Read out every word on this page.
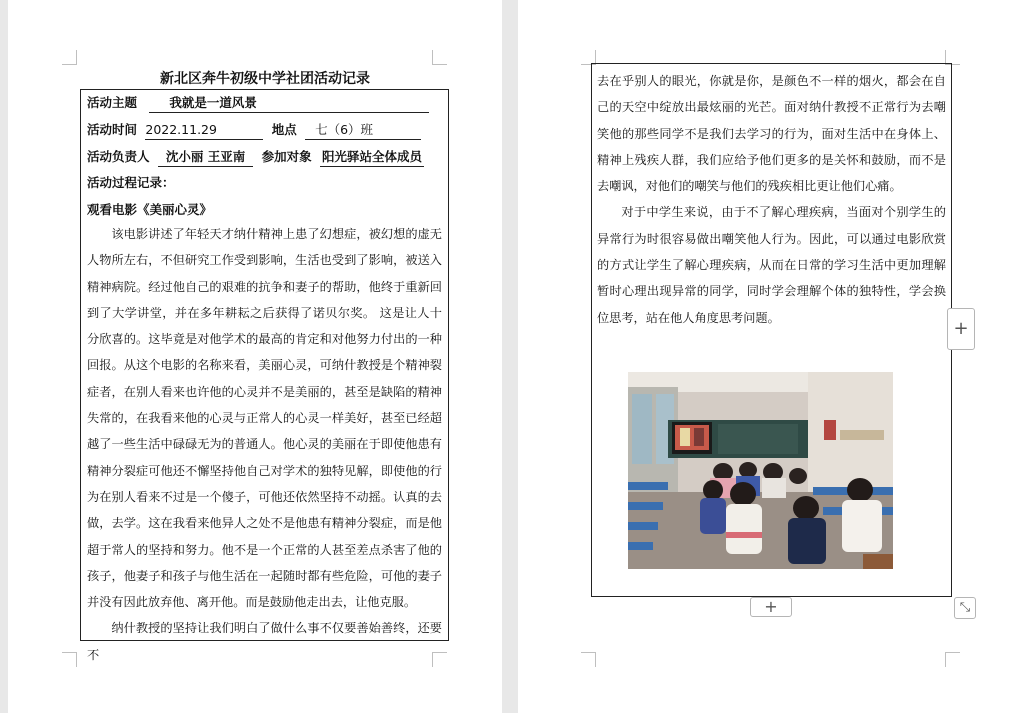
新北区奔牛初级中学社团活动记录
活动主题	我就是一道风景
活动时间 2022.11.29	地点 七（6）班
活动负责人 沈小丽 王亚南 参加对象 阳光驿站全体成员
活动过程记录：
观看电影《美丽心灵》

该电影讲述了年轻天才纳什精神上患了幻想症，被幻想的虚无人物所左右，不但研究工作受到影响，生活也受到了影响，被送入精神病院。经过他自己的艰难的抗争和妻子的帮助，他终于重新回到了大学讲堂，并在多年耕耘之后获得了诺贝尔奖。 这是让人十分欣喜的。这毕竟是对他学术的最高的肯定和对他努力付出的一种回报。从这个电影的名称来看，美丽心灵，可纳什教授是个精神裂症者，在别人看来也许他的心灵并不是美丽的，甚至是缺陷的精神失常的，在我看来他的心灵与正常人的心灵一样美好，甚至已经超越了一些生活中碌碌无为的普通人。他心灵的美丽在于即使他患有精神分裂症可他还不懈坚持他自己对学术的独特见解，即使他的行为在别人看来不过是一个傻子，可他还依然坚持不动摇。认真的去做，去学。这在我看来他异人之处不是他患有精神分裂症，而是他超于常人的坚持和努力。他不是一个正常的人甚至差点杀害了他的孩子，他妻子和孩子与他生活在一起随时都有些危险，可他的妻子并没有因此放弃他、离开他。而是鼓励他走出去，让他克服。

纳什教授的坚持让我们明白了做什么事不仅要善始善终，还要不

去在乎别人的眼光，你就是你，是颜色不一样的烟火，都会在自己的天空中绽放出最炫丽的光芒。面对纳什教授不正常行为去嘲笑他的那些同学不是我们去学习的行为，面对生活中在身体上、精神上残疾人群，我们应给予他们更多的是关怀和鼓励，而不是去嘲讽，对他们的嘲笑与他们的残疾相比更让他们心痛。

对于中学生来说，由于不了解心理疾病，当面对个别学生的异常行为时很容易做出嘲笑他人行为。因此，可以通过电影欣赏的方式让学生了解心理疾病，从而在日常的学习生活中更加理解暂时心理出现异常的同学，同时学会理解个体的独特性，学会换位思考，站在他人角度思考问题。

+
+	⤡
